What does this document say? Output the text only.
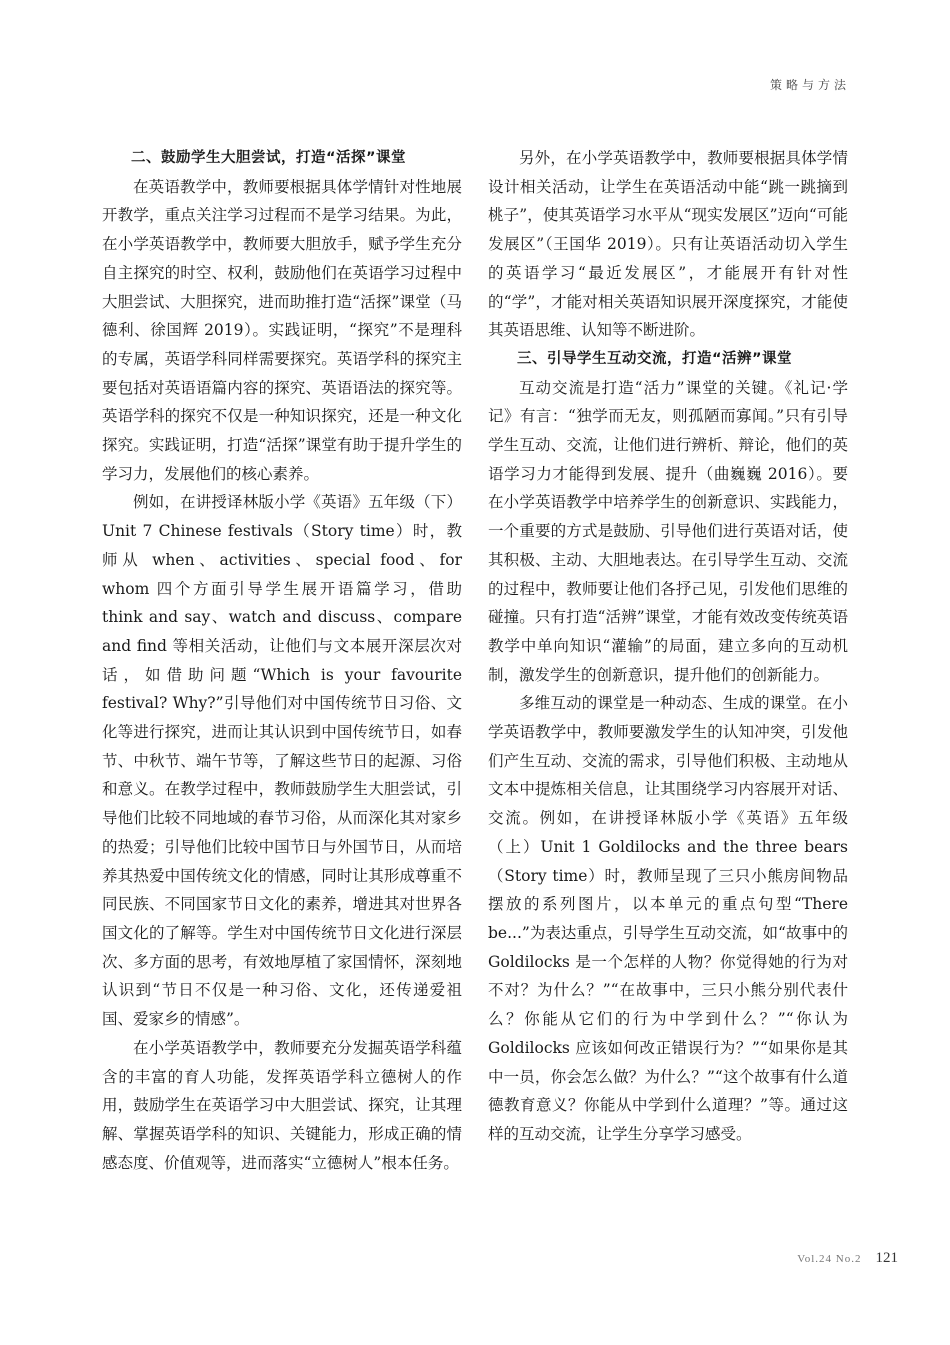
策略与方法
二、鼓励学生大胆尝试，打造“活探”课堂

在英语教学中，教师要根据具体学情针对性地展开教学，重点关注学习过程而不是学习结果。为此，在小学英语教学中，教师要大胆放手，赋予学生充分自主探究的时空、权利，鼓励他们在英语学习过程中大胆尝试、大胆探究，进而助推打造“活探”课堂（马德利、徐国辉 2019）。实践证明，“探究”不是理科的专属，英语学科同样需要探究。英语学科的探究主要包括对英语语篇内容的探究、英语语法的探究等。英语学科的探究不仅是一种知识探究，还是一种文化探究。实践证明，打造“活探”课堂有助于提升学生的学习力，发展他们的核心素养。

例如，在讲授译林版小学《英语》五年级（下）Unit 7 Chinese festivals（Story time）时，教师从 when、activities、special food、for whom 四个方面引导学生展开语篇学习，借助 think and say、watch and discuss、compare and find 等相关活动，让他们与文本展开深层次对话，如借助问题“Which is your favourite festival? Why?”引导他们对中国传统节日习俗、文化等进行探究，进而让其认识到中国传统节日，如春节、中秋节、端午节等，了解这些节日的起源、习俗和意义。在教学过程中，教师鼓励学生大胆尝试，引导他们比较不同地域的春节习俗，从而深化其对家乡的热爱；引导他们比较中国节日与外国节日，从而培养其热爱中国传统文化的情感，同时让其形成尊重不同民族、不同国家节日文化的素养，增进其对世界各国文化的了解等。学生对中国传统节日文化进行深层次、多方面的思考，有效地厚植了家国情怀，深刻地认识到“节日不仅是一种习俗、文化，还传递爱祖国、爱家乡的情感”。

在小学英语教学中，教师要充分发掘英语学科蕴含的丰富的育人功能，发挥英语学科立德树人的作用，鼓励学生在英语学习中大胆尝试、探究，让其理解、掌握英语学科的知识、关键能力，形成正确的情感态度、价值观等，进而落实“立德树人”根本任务。

另外，在小学英语教学中，教师要根据具体学情设计相关活动，让学生在英语活动中能“跳一跳摘到桃子”，使其英语学习水平从“现实发展区”迈向“可能发展区”（王国华 2019）。只有让英语活动切入学生的英语学习“最近发展区”，才能展开有针对性的“学”，才能对相关英语知识展开深度探究，才能使其英语思维、认知等不断进阶。

三、引导学生互动交流，打造“活辨”课堂

互动交流是打造“活力”课堂的关键。《礼记·学记》有言：“独学而无友，则孤陋而寡闻。”只有引导学生互动、交流，让他们进行辨析、辩论，他们的英语学习力才能得到发展、提升（曲巍巍 2016）。要在小学英语教学中培养学生的创新意识、实践能力，一个重要的方式是鼓励、引导他们进行英语对话，使其积极、主动、大胆地表达。在引导学生互动、交流的过程中，教师要让他们各抒己见，引发他们思维的碰撞。只有打造“活辨”课堂，才能有效改变传统英语教学中单向知识“灌输”的局面，建立多向的互动机制，激发学生的创新意识，提升他们的创新能力。

多维互动的课堂是一种动态、生成的课堂。在小学英语教学中，教师要激发学生的认知冲突，引发他们产生互动、交流的需求，引导他们积极、主动地从文本中提炼相关信息，让其围绕学习内容展开对话、交流。例如，在讲授译林版小学《英语》五年级（上）Unit 1 Goldilocks and the three bears（Story time）时，教师呈现了三只小熊房间物品摆放的系列图片，以本单元的重点句型“There be...”为表达重点，引导学生互动交流，如“故事中的Goldilocks 是一个怎样的人物？你觉得她的行为对不对？为什么？”“在故事中，三只小熊分别代表什么？你能从它们的行为中学到什么？”“你认为 Goldilocks 应该如何改正错误行为？”“如果你是其中一员，你会怎么做？为什么？”“这个故事有什么道德教育意义？你能从中学到什么道理？”等。通过这样的互动交流，让学生分享学习感受。

Vol.24 No.2 121
